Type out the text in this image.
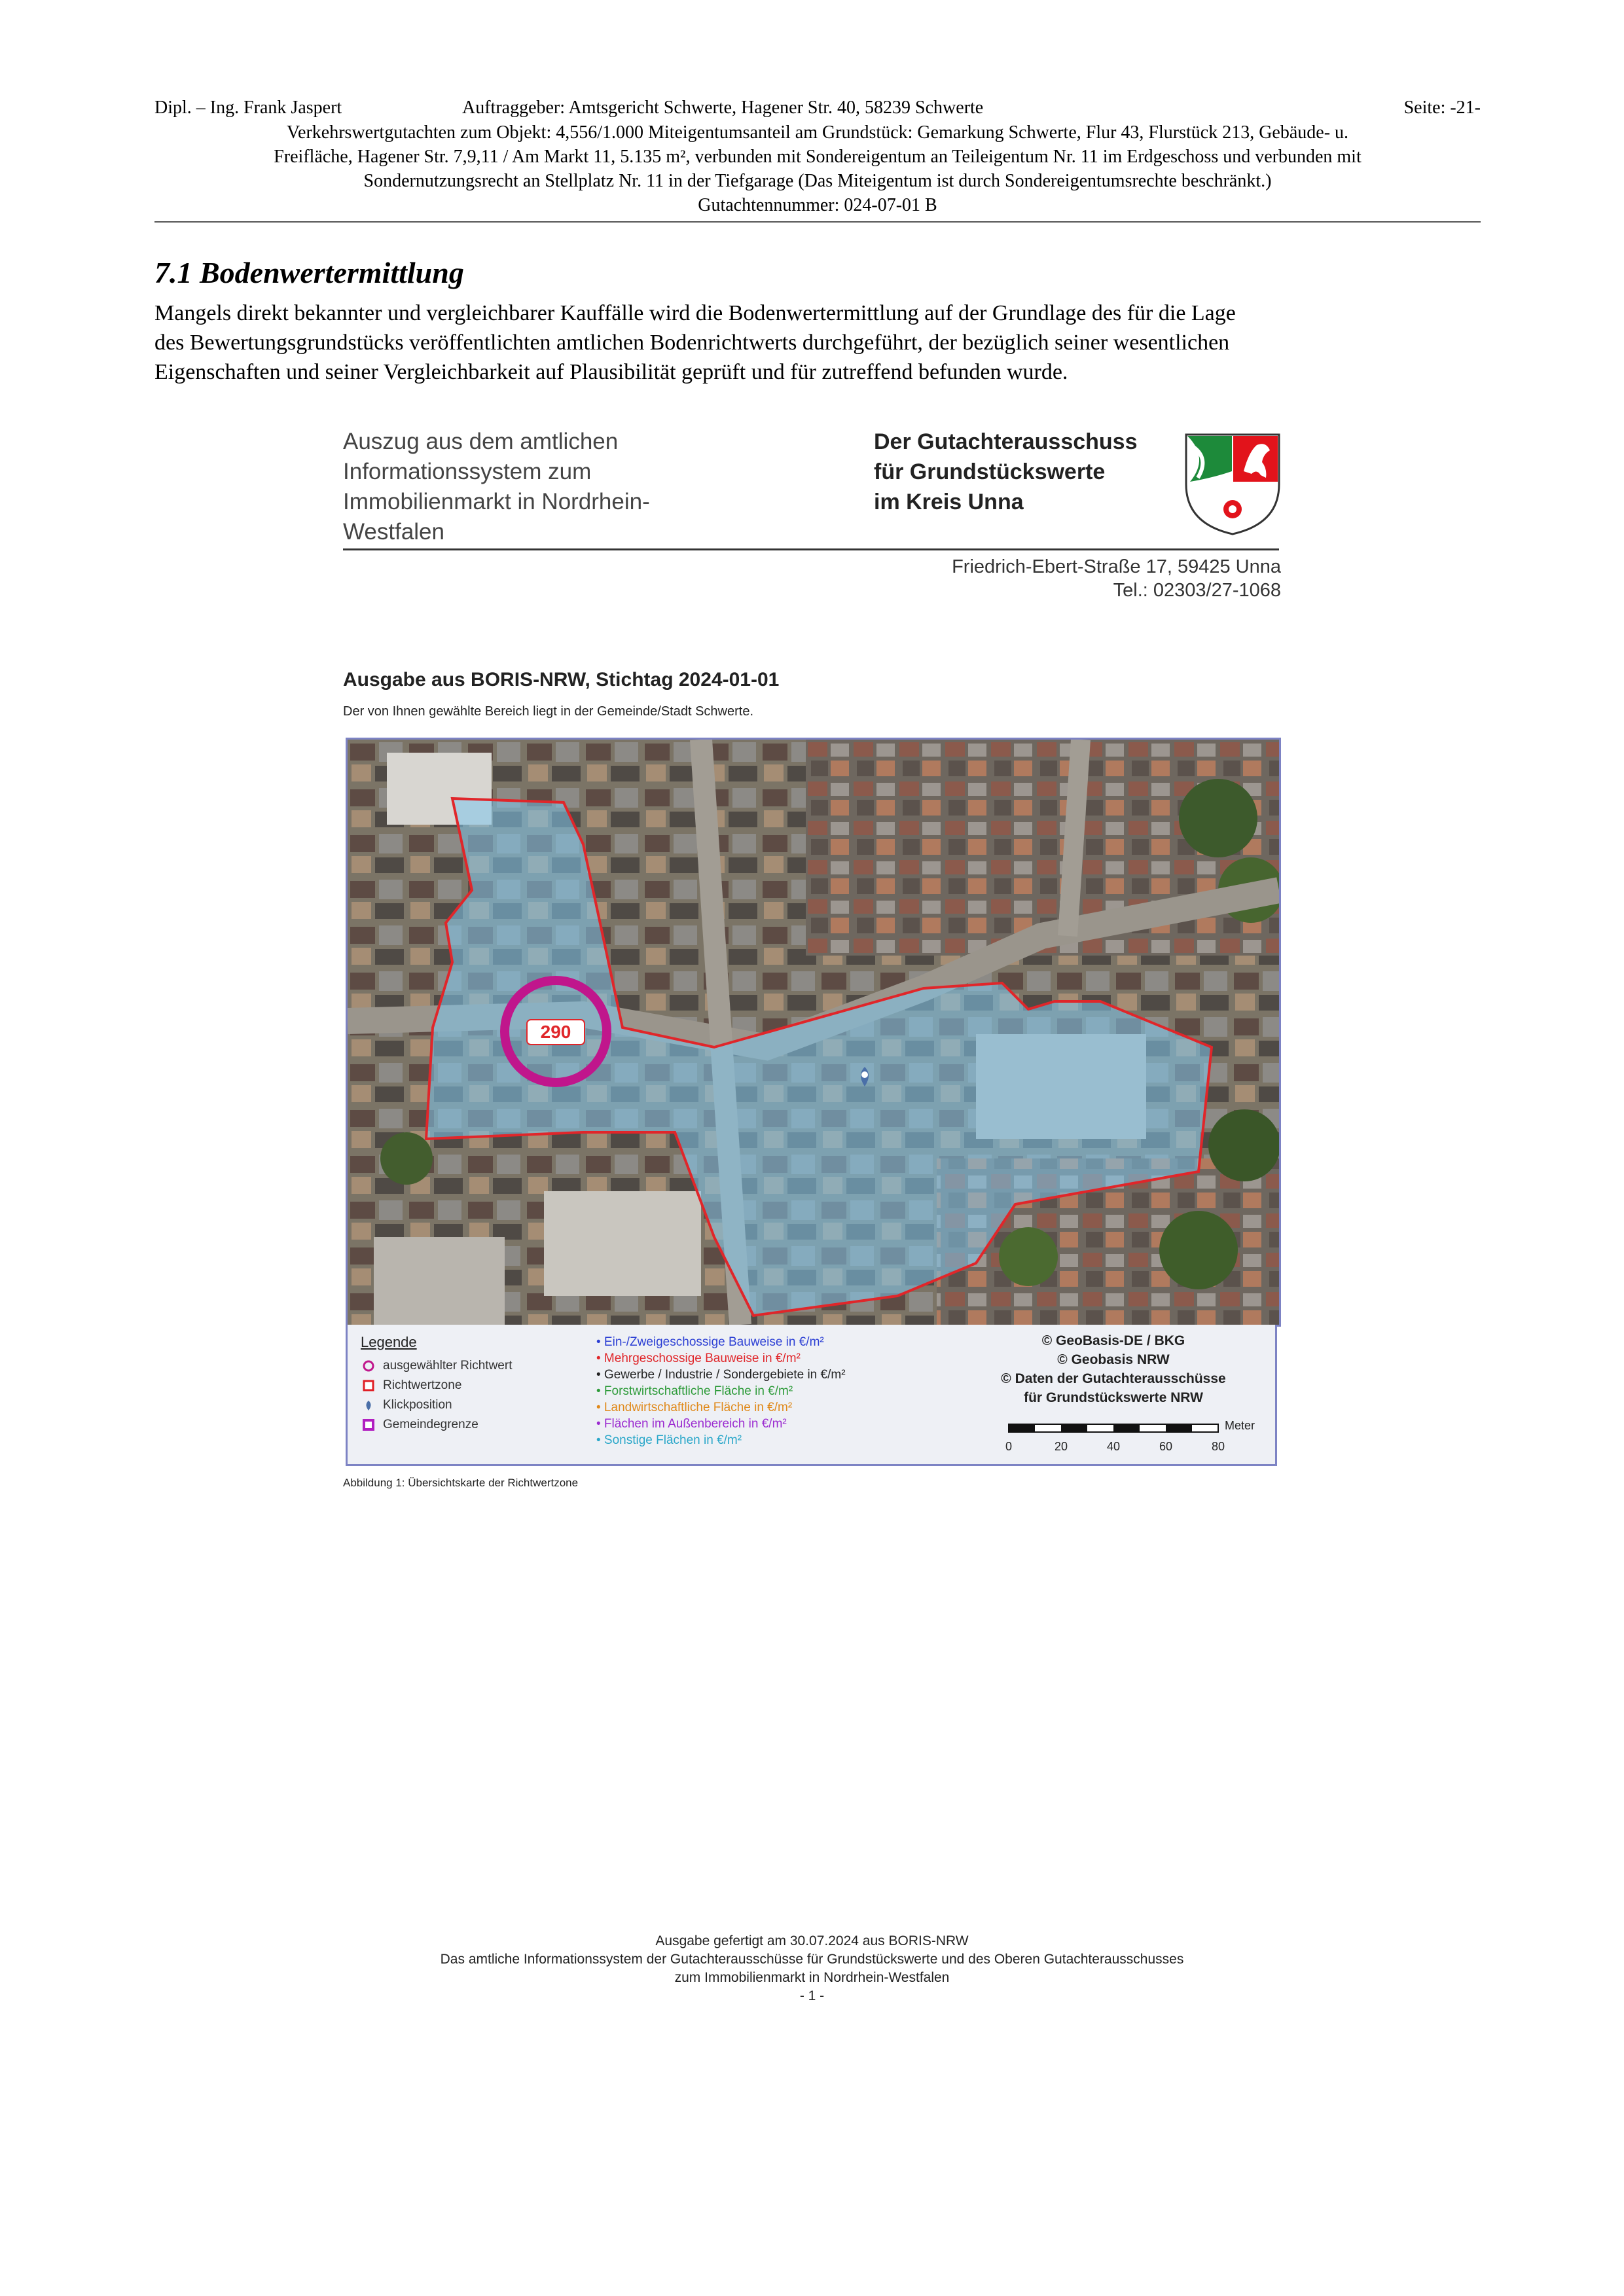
Dipl. – Ing. Frank Jaspert	Auftraggeber: Amtsgericht Schwerte, Hagener Str. 40, 58239 Schwerte	Seite: -21-
Verkehrswertgutachten zum Objekt: 4,556/1.000 Miteigentumsanteil am Grundstück: Gemarkung Schwerte, Flur 43, Flurstück 213, Gebäude- u.
Freifläche, Hagener Str. 7,9,11 / Am Markt 11, 5.135 m², verbunden mit Sondereigentum an Teileigentum Nr. 11 im Erdgeschoss und verbunden mit
Sondernutzungsrecht an Stellplatz Nr. 11 in der Tiefgarage (Das Miteigentum ist durch Sondereigentumsrechte beschränkt.)
Gutachtennummer: 024-07-01 B
7.1 Bodenwertermittlung

Mangels direkt bekannter und vergleichbarer Kauffälle wird die Bodenwertermittlung auf der Grundlage des für die Lage

des Bewertungsgrundstücks veröffentlichten amtlichen Bodenrichtwerts durchgeführt, der bezüglich seiner wesentlichen

Eigenschaften und seiner Vergleichbarkeit auf Plausibilität geprüft und für zutreffend befunden wurde.

Auszug aus dem amtlichen
Informationssystem zum
Immobilienmarkt in Nordrhein-
Westfalen
Der Gutachterausschuss
für Grundstückswerte
im Kreis Unna
Friedrich-Ebert-Straße 17, 59425 Unna
Tel.: 02303/27-1068
Ausgabe aus BORIS-NRW, Stichtag 2024-01-01
Der von Ihnen gewählte Bereich liegt in der Gemeinde/Stadt Schwerte.
290
Legende
ausgewählter Richtwert
Richtwertzone
Klickposition
Gemeindegrenze
• Ein-/Zweigeschossige Bauweise in €/m²
• Mehrgeschossige Bauweise in €/m²
• Gewerbe / Industrie / Sondergebiete in €/m²
• Forstwirtschaftliche Fläche in €/m²
• Landwirtschaftliche Fläche in €/m²
• Flächen im Außenbereich in €/m²
• Sonstige Flächen in €/m²
© GeoBasis-DE / BKG
© Geobasis NRW
© Daten der Gutachterausschüsse
für Grundstückswerte NRW
Meter
0	20	40	60	80
Abbildung 1: Übersichtskarte der Richtwertzone
Ausgabe gefertigt am 30.07.2024 aus BORIS-NRW
Das amtliche Informationssystem der Gutachterausschüsse für Grundstückswerte und des Oberen Gutachterausschusses
zum Immobilienmarkt in Nordrhein-Westfalen
- 1 -
